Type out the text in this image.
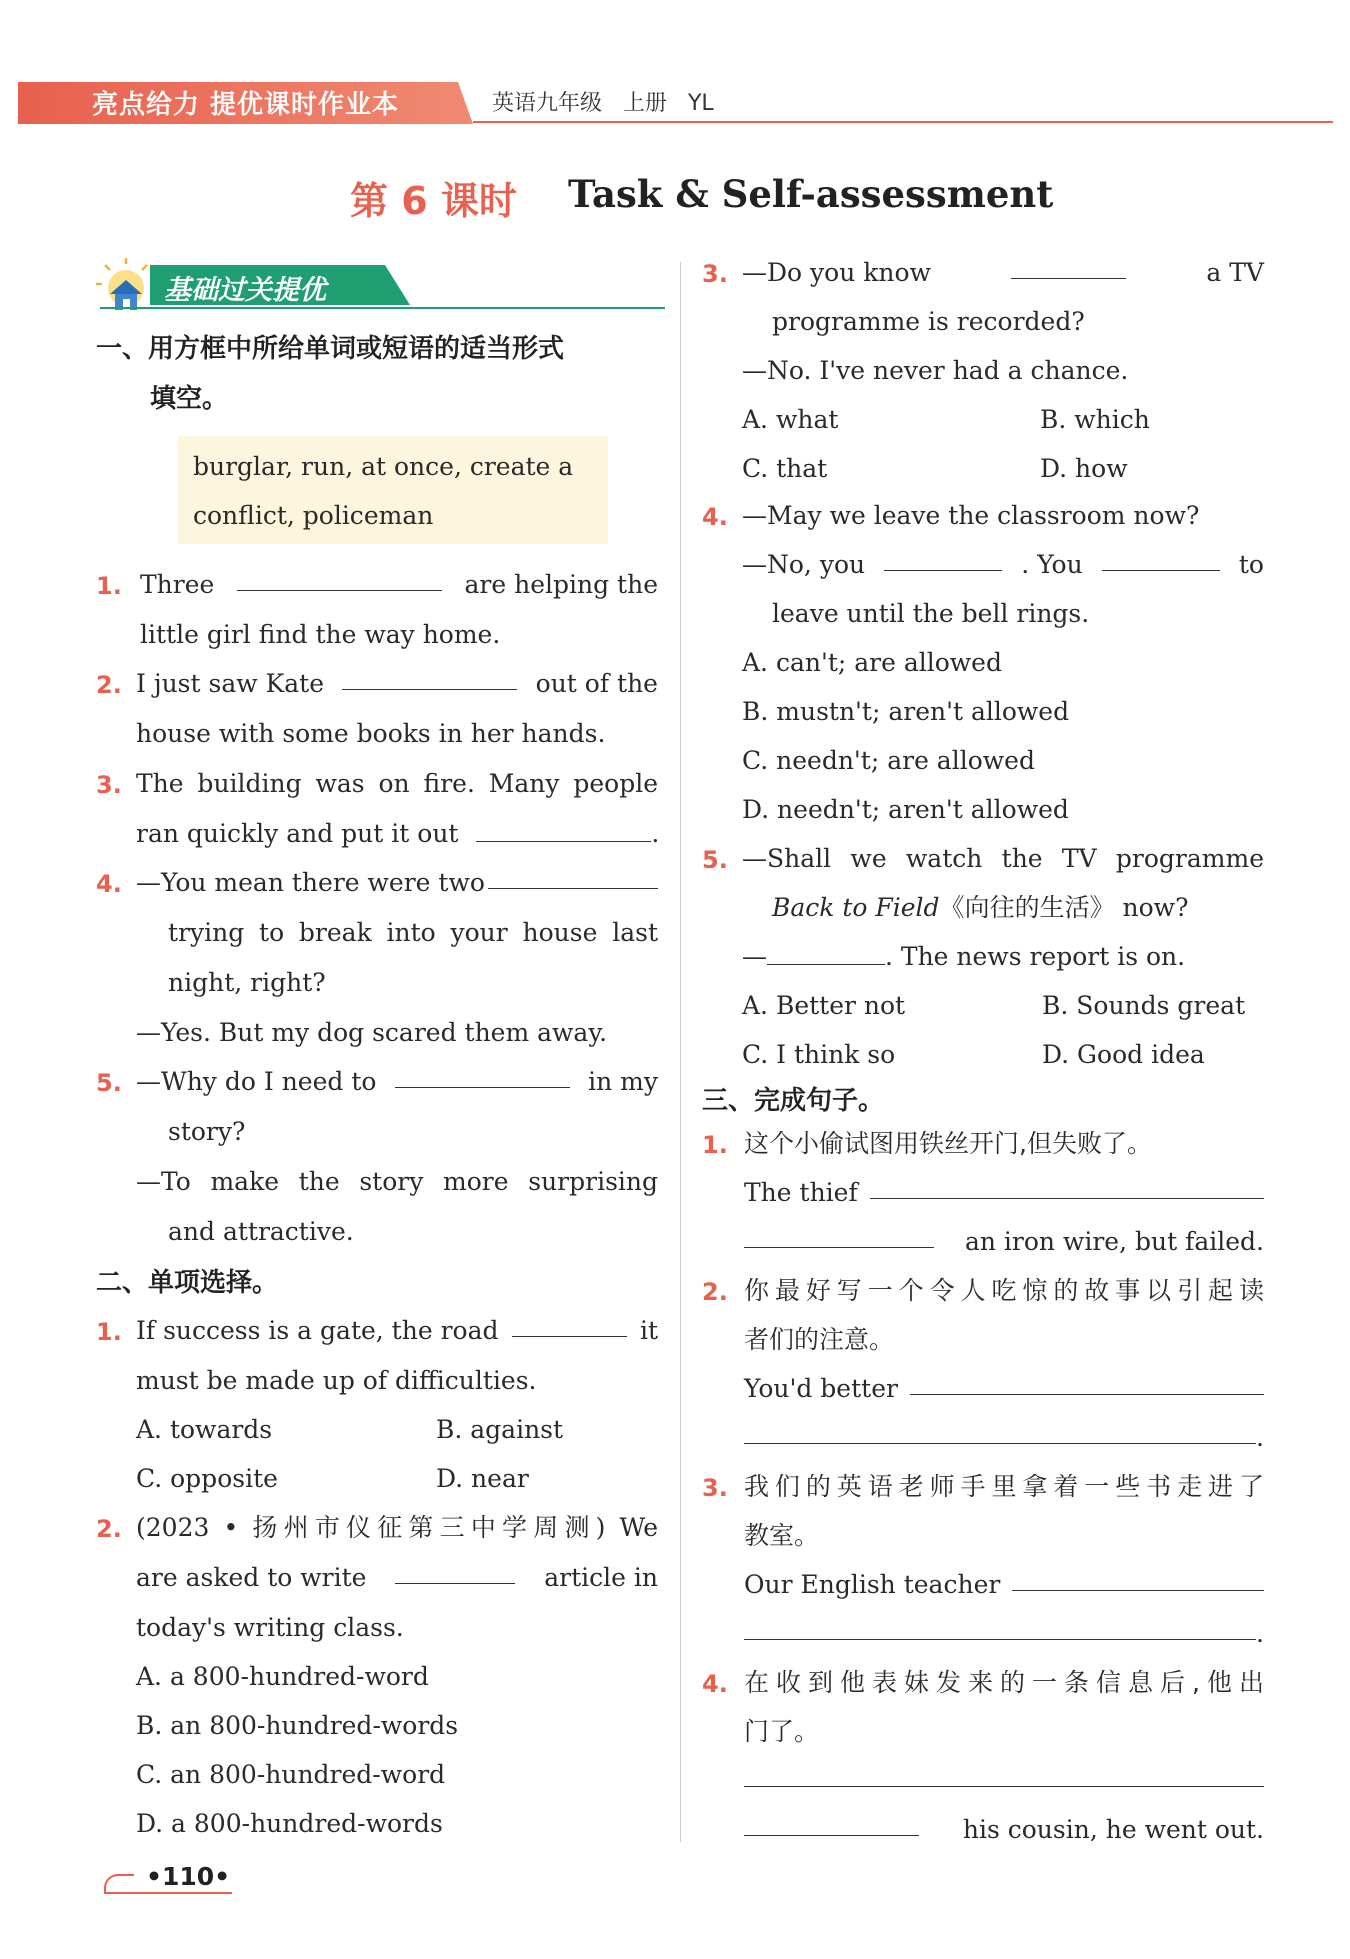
亮点给力 提优课时作业本	英语九年级   上册   YL
第 6 课时 Task & Self-assessment
基础过关提优
一、用方框中所给单词或短语的适当形式
填空。
burglar, run, at once, create a
conflict, policeman
1. Three	are helping the
little girl find the way home.
2. I just saw Kate	out of the
house with some books in her hands.
3. The building was on fire. Many people
ran quickly and put it out	.
4. —You mean there were two
trying to break into your house last
night, right?
—Yes. But my dog scared them away.
5. —Why do I need to	in my
story?
—To make the story more surprising
and attractive.
二、单项选择。
1. If success is a gate, the road	it
must be made up of difficulties.
A. towards	B. against
C. opposite	D. near
2. (2023 • 扬州市仪征第三中学周测) We
are asked to write	article in
today's writing class.
A. a 800-hundred-word
B. an 800-hundred-words
C. an 800-hundred-word
D. a 800-hundred-words
•110•
3. —Do you know	a TV
programme is recorded?
—No. I've never had a chance.
A. what	B. which
C. that	D. how
4. —May we leave the classroom now?
—No, you	. You	to
leave until the bell rings.
A. can't; are allowed
B. mustn't; aren't allowed
C. needn't; are allowed
D. needn't; aren't allowed
5. —Shall we watch the TV programme
Back to Field《向往的生活》 now?
—	. The news report is on.
A. Better not	B. Sounds great
C. I think so	D. Good idea
三、完成句子。
1. 这个小偷试图用铁丝开门,但失败了。
The thief
an iron wire, but failed.
2. 你最好写一个令人吃惊的故事以引起读
者们的注意。
You'd better
.
3. 我们的英语老师手里拿着一些书走进了
教室。
Our English teacher
.
4. 在收到他表妹发来的一条信息后,他出
门了。
his cousin, he went out.
